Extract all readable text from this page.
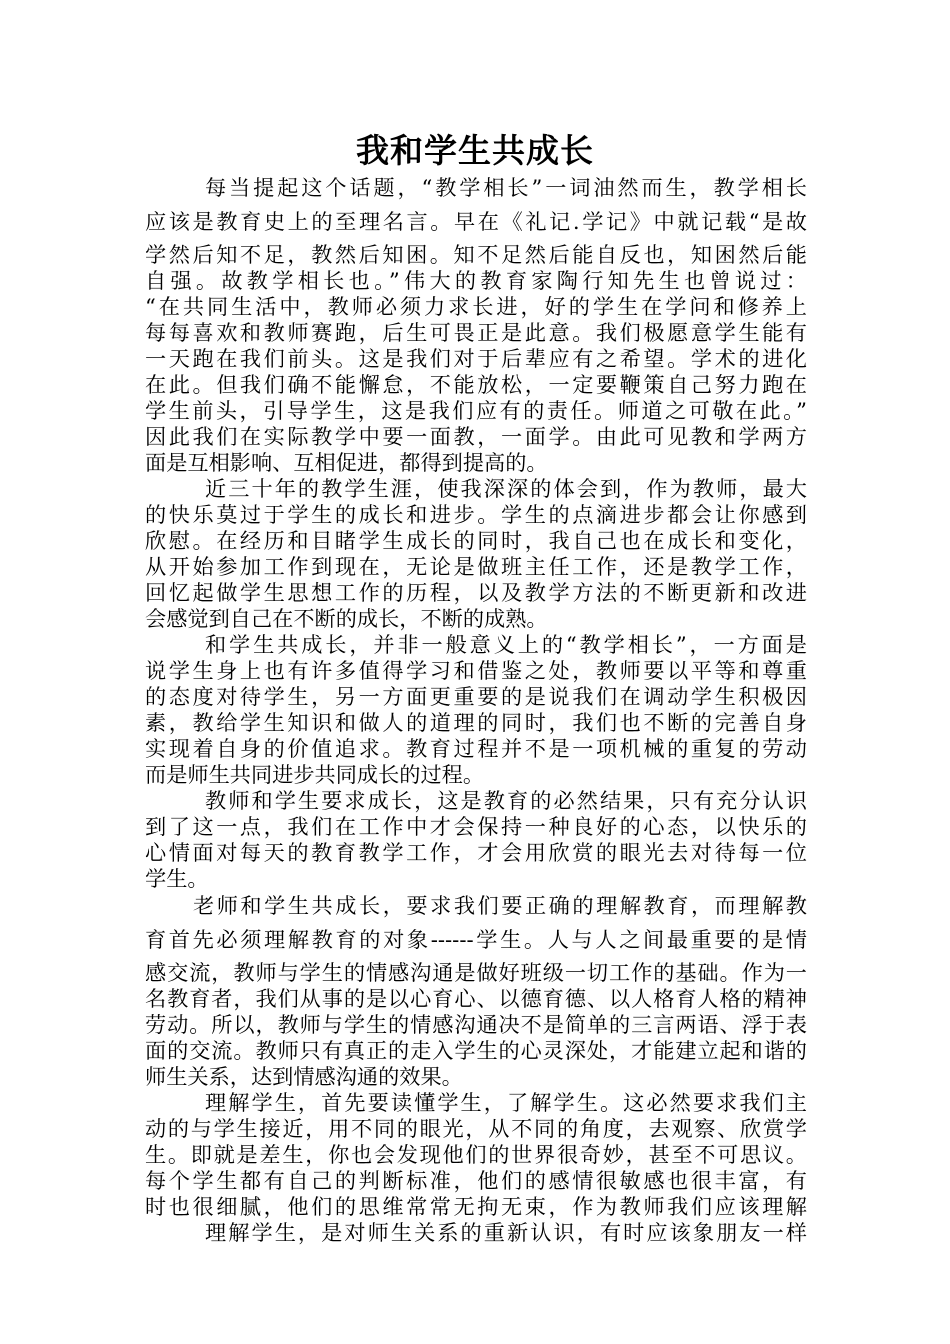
我和学生共成长
每当提起这个话题，“教学相长”一词油然而生，教学相长
应该是教育史上的至理名言。早在《礼记.学记》中就记载“是故
学然后知不足，教然后知困。知不足然后能自反也，知困然后能
自强。故教学相长也。”伟大的教育家陶行知先生也曾说过：
“在共同生活中，教师必须力求长进，好的学生在学问和修养上
每每喜欢和教师赛跑，后生可畏正是此意。我们极愿意学生能有
一天跑在我们前头。这是我们对于后辈应有之希望。学术的进化
在此。但我们确不能懈怠，不能放松，一定要鞭策自己努力跑在
学生前头，引导学生，这是我们应有的责任。师道之可敬在此。”
因此我们在实际教学中要一面教，一面学。由此可见教和学两方
面是互相影响、互相促进，都得到提高的。
近三十年的教学生涯，使我深深的体会到，作为教师，最大
的快乐莫过于学生的成长和进步。学生的点滴进步都会让你感到
欣慰。在经历和目睹学生成长的同时，我自己也在成长和变化，
从开始参加工作到现在，无论是做班主任工作，还是教学工作，
回忆起做学生思想工作的历程，以及教学方法的不断更新和改进
会感觉到自己在不断的成长，不断的成熟。
和学生共成长，并非一般意义上的“教学相长”，一方面是
说学生身上也有许多值得学习和借鉴之处，教师要以平等和尊重
的态度对待学生，另一方面更重要的是说我们在调动学生积极因
素，教给学生知识和做人的道理的同时，我们也不断的完善自身
实现着自身的价值追求。教育过程并不是一项机械的重复的劳动
而是师生共同进步共同成长的过程。
教师和学生要求成长，这是教育的必然结果，只有充分认识
到了这一点，我们在工作中才会保持一种良好的心态，以快乐的
心情面对每天的教育教学工作，才会用欣赏的眼光去对待每一位
学生。
老师和学生共成长，要求我们要正确的理解教育，而理解教
育首先必须理解教育的对象------学生。人与人之间最重要的是情
感交流，教师与学生的情感沟通是做好班级一切工作的基础。作为一
名教育者，我们从事的是以心育心、以德育德、以人格育人格的精神
劳动。所以，教师与学生的情感沟通决不是简单的三言两语、浮于表
面的交流。教师只有真正的走入学生的心灵深处，才能建立起和谐的
师生关系，达到情感沟通的效果。
理解学生，首先要读懂学生，了解学生。这必然要求我们主
动的与学生接近，用不同的眼光，从不同的角度，去观察、欣赏学
生。即就是差生，你也会发现他们的世界很奇妙，甚至不可思议。
每个学生都有自己的判断标准，他们的感情很敏感也很丰富，有
时也很细腻，他们的思维常常无拘无束，作为教师我们应该理解
理解学生，是对师生关系的重新认识，有时应该象朋友一样
